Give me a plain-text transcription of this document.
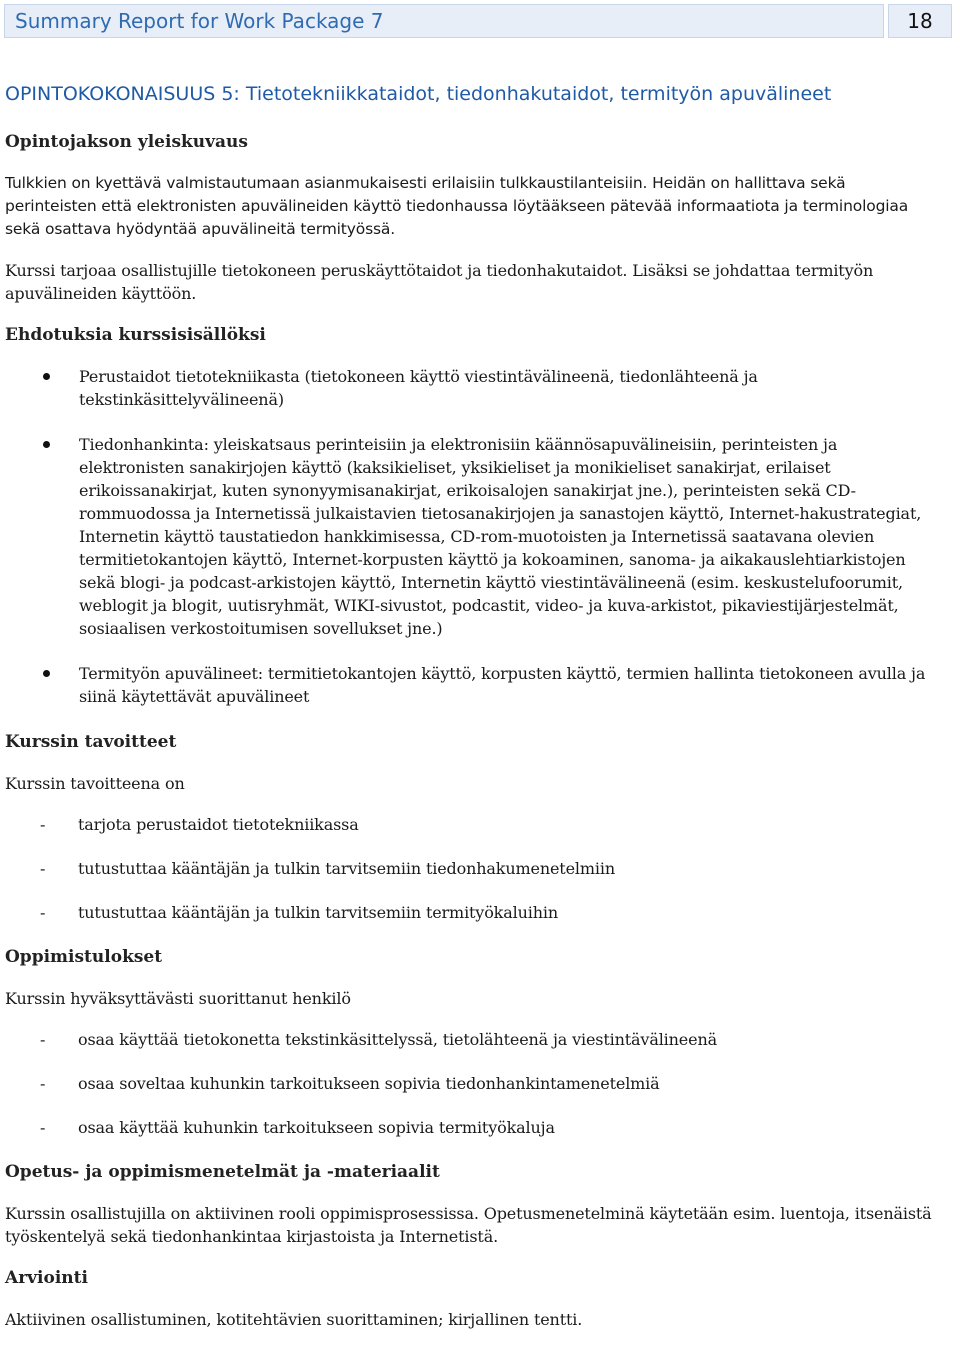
Summary Report for Work Package 7	18
OPINTOKOKONAISUUS 5: Tietotekniikkataidot, tiedonhakutaidot, termityön apuvälineet
Opintojakson yleiskuvaus

Tulkkien on kyettävä valmistautumaan asianmukaisesti erilaisiin tulkkaustilanteisiin. Heidän on hallittava sekä perinteisten että elektronisten apuvälineiden käyttö tiedonhaussa löytääkseen pätevää informaatiota ja terminologiaa sekä osattava hyödyntää apuvälineitä termityössä.

Kurssi tarjoaa osallistujille tietokoneen peruskäyttötaidot ja tiedonhakutaidot. Lisäksi se johdattaa termityön apuvälineiden käyttöön.

Ehdotuksia kurssisisällöksi
Perustaidot tietotekniikasta (tietokoneen käyttö viestintävälineenä, tiedonlähteenä ja tekstinkäsittelyvälineenä)
Tiedonhankinta: yleiskatsaus perinteisiin ja elektronisiin käännösapuvälineisiin, perinteisten ja elektronisten sanakirjojen käyttö (kaksikieliset, yksikieliset ja monikieliset sanakirjat, erilaiset erikoissanakirjat, kuten synonyymisanakirjat, erikoisalojen sanakirjat jne.), perinteisten sekä CD-rommuodossa ja Internetissä julkaistavien tietosanakirjojen ja sanastojen käyttö, Internet-hakustrategiat, Internetin käyttö taustatiedon hankkimisessa, CD-rom-muotoisten ja Internetissä saatavana olevien termitietokantojen käyttö, Internet-korpusten käyttö ja kokoaminen, sanoma- ja aikakauslehtiarkistojen sekä blogi- ja podcast-arkistojen käyttö, Internetin käyttö viestintävälineenä (esim. keskustelufoorumit, weblogit ja blogit, uutisryhmät, WIKI-sivustot, podcastit, video- ja kuva-arkistot, pikaviestijärjestelmät, sosiaalisen verkostoitumisen sovellukset jne.)
Termityön apuvälineet: termitietokantojen käyttö, korpusten käyttö, termien hallinta tietokoneen avulla ja siinä käytettävät apuvälineet
Kurssin tavoitteet

Kurssin tavoitteena on

- tarjota perustaidot tietotekniikassa
- tutustuttaa kääntäjän ja tulkin tarvitsemiin tiedonhakumenetelmiin
- tutustuttaa kääntäjän ja tulkin tarvitsemiin termityökaluihin
Oppimistulokset

Kurssin hyväksyttävästi suorittanut henkilö

- osaa käyttää tietokonetta tekstinkäsittelyssä, tietolähteenä ja viestintävälineenä
- osaa soveltaa kuhunkin tarkoitukseen sopivia tiedonhankintamenetelmiä
- osaa käyttää kuhunkin tarkoitukseen sopivia termityökaluja
Opetus- ja oppimismenetelmät ja -materiaalit

Kurssin osallistujilla on aktiivinen rooli oppimisprosessissa. Opetusmenetelminä käytetään esim. luentoja, itsenäistä työskentelyä sekä tiedonhankintaa kirjastoista ja Internetistä.

Arviointi

Aktiivinen osallistuminen, kotitehtävien suorittaminen; kirjallinen tentti.
